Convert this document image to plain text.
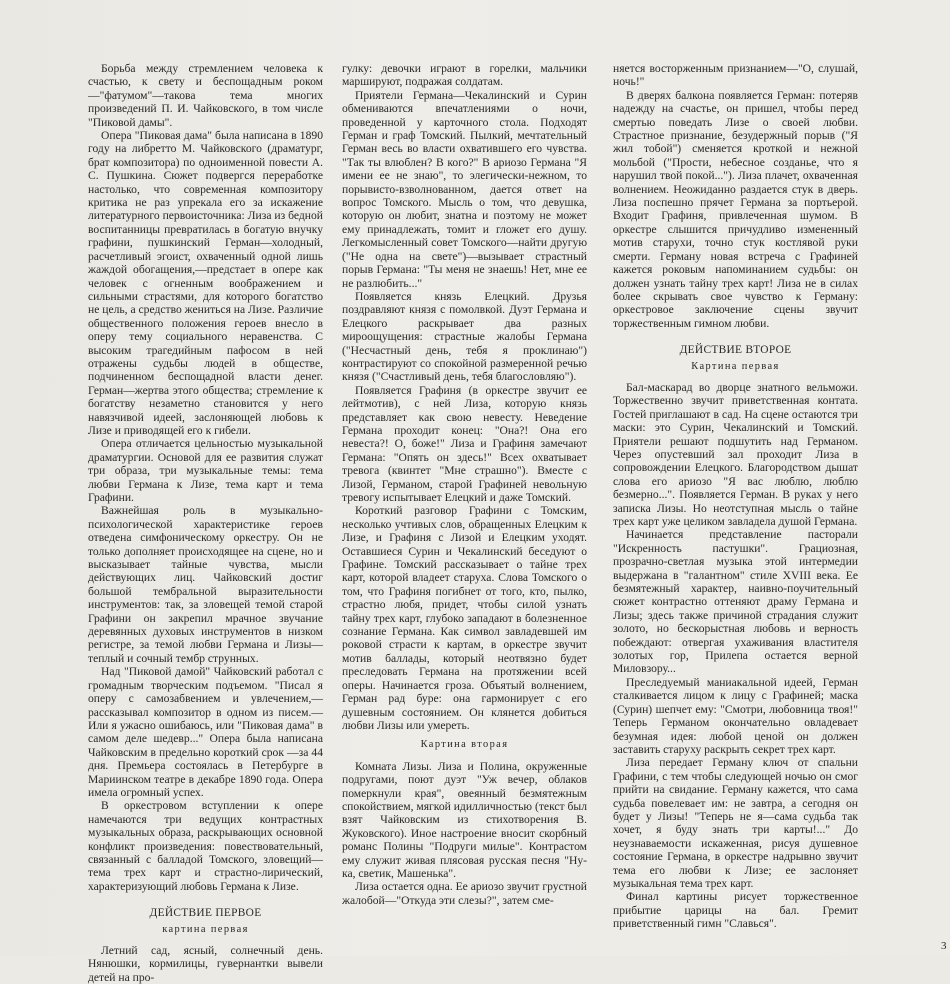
Борьба между стремлением человека к счастью, к свету и беспощадным роком—"фатумом"—такова тема многих произведений П. И. Чайковского, в том числе "Пиковой дамы".

Опера "Пиковая дама" была написана в 1890 году на либретто М. Чайковского (драматург, брат композитора) по одноименной повести А. С. Пушкина. Сюжет подвергся переработке настолько, что современная композитору критика не раз упрекала его за искажение литературного первоисточника: Лиза из бедной воспитанницы превратилась в богатую внучку графини, пушкинский Герман—холодный, расчетливый эгоист, охваченный одной лишь жаждой обогащения,—предстает в опере как человек с огненным воображением и сильными страстями, для которого богатство не цель, а средство жениться на Лизе. Различие общественного положения героев внесло в оперу тему социального неравенства. С высоким трагедийным пафосом в ней отражены судьбы людей в обществе, подчиненном беспощадной власти денег. Герман—жертва этого общества; стремление к богатству незаметно становится у него навязчивой идеей, заслоняющей любовь к Лизе и приводящей его к гибели.

Опера отличается цельностью музыкальной драматургии. Основой для ее развития служат три образа, три музыкальные темы: тема любви Германа к Лизе, тема карт и тема Графини.

Важнейшая роль в музыкально-психологической характеристике героев отведена симфоническому оркестру. Он не только дополняет происходящее на сцене, но и высказывает тайные чувства, мысли действующих лиц. Чайковский достиг большой тембральной выразительности инструментов: так, за зловещей темой старой Графини он закрепил мрачное звучание деревянных духовых инструментов в низком регистре, за темой любви Германа и Лизы—теплый и сочный тембр струнных.

Над "Пиковой дамой" Чайковский работал с громадным творческим подъемом. "Писал я оперу с самозабвением и увлечением,—рассказывал композитор в одном из писем.—Или я ужасно ошибаюсь, или "Пиковая дама" в самом деле шедевр..." Опера была написана Чайковским в предельно короткий срок —за 44 дня. Премьера состоялась в Петербурге в Мариинском театре в декабре 1890 года. Опера имела огромный успех.

В оркестровом вступлении к опере намечаются три ведущих контрастных музыкальных образа, раскрывающих основной конфликт произведения: повествовательный, связанный с балладой Томского, зловещий—тема трех карт и страстно-лирический, характеризующий любовь Германа к Лизе.

ДЕЙСТВИЕ ПЕРВОЕ
картина первая

Летний сад, ясный, солнечный день. Нянюшки, кормилицы, гувернантки вывели детей на про-

гулку: девочки играют в горелки, мальчики маршируют, подражая солдатам.

Приятели Германа—Чекалинский и Сурин обмениваются впечатлениями о ночи, проведенной у карточного стола. Подходят Герман и граф Томский. Пылкий, мечтательный Герман весь во власти охватившего его чувства. "Так ты влюблен? В кого?" В ариозо Германа "Я имени ее не знаю", то элегически-нежном, то порывисто-взволнованном, дается ответ на вопрос Томского. Мысль о том, что девушка, которую он любит, знатна и поэтому не может ему принадлежать, томит и гложет его душу. Легкомысленный совет Томского—найти другую ("Не одна на свете")—вызывает страстный порыв Германа: "Ты меня не знаешь! Нет, мне ее не разлюбить..."

Появляется князь Елецкий. Друзья поздравляют князя с помолвкой. Дуэт Германа и Елецкого раскрывает два разных мироощущения: страстные жалобы Германа ("Несчастный день, тебя я проклинаю") контрастируют со спокойной размеренной речью князя ("Счастливый день, тебя благословляю").

Появляется Графиня (в оркестре звучит ее лейтмотив), с ней Лиза, которую князь представляет как свою невесту. Неведение Германа проходит конец: "Она?! Она его невеста?! О, боже!" Лиза и Графиня замечают Германа: "Опять он здесь!" Всех охватывает тревога (квинтет "Мне страшно"). Вместе с Лизой, Германом, старой Графиней невольную тревогу испытывает Елецкий и даже Томский.

Короткий разговор Графини с Томским, несколько учтивых слов, обращенных Елецким к Лизе, и Графиня с Лизой и Елецким уходят. Оставшиеся Сурин и Чекалинский беседуют о Графине. Томский рассказывает о тайне трех карт, которой владеет старуха. Слова Томского о том, что Графиня погибнет от того, кто, пылко, страстно любя, придет, чтобы силой узнать тайну трех карт, глубоко западают в болезненное сознание Германа. Как символ завладевшей им роковой страсти к картам, в оркестре звучит мотив баллады, который неотвязно будет преследовать Германа на протяжении всей оперы. Начинается гроза. Объятый волнением, Герман рад буре: она гармонирует с его душевным состоянием. Он клянется добиться любви Лизы или умереть.

Картина вторая

Комната Лизы. Лиза и Полина, окруженные подругами, поют дуэт "Уж вечер, облаков померкнули края", овеянный безмятежным спокойствием, мягкой идилличностью (текст был взят Чайковским из стихотворения В. Жуковского). Иное настроение вносит скорбный романс Полины "Подруги милые". Контрастом ему служит живая плясовая русская песня "Ну-ка, светик, Машенька".

Лиза остается одна. Ее ариозо звучит грустной жалобой—"Откуда эти слезы?", затем сме-

няется восторженным признанием—"О, слушай, ночь!"

В дверях балкона появляется Герман: потеряв надежду на счастье, он пришел, чтобы перед смертью поведать Лизе о своей любви. Страстное признание, безудержный порыв ("Я жил тобой") сменяется кроткой и нежной мольбой ("Прости, небесное созданье, что я нарушил твой покой..."). Лиза плачет, охваченная волнением. Неожиданно раздается стук в дверь. Лиза поспешно прячет Германа за портьерой. Входит Графиня, привлеченная шумом. В оркестре слышится причудливо измененный мотив старухи, точно стук костлявой руки смерти. Герману новая встреча с Графиней кажется роковым напоминанием судьбы: он должен узнать тайну трех карт! Лиза не в силах более скрывать свое чувство к Герману: оркестровое заключение сцены звучит торжественным гимном любви.

ДЕЙСТВИЕ ВТОРОЕ
Картина первая

Бал-маскарад во дворце знатного вельможи. Торжественно звучит приветственная контата. Гостей приглашают в сад. На сцене остаются три маски: это Сурин, Чекалинский и Томский. Приятели решают подшутить над Германом. Через опустевший зал проходит Лиза в сопровождении Елецкого. Благородством дышат слова его ариозо "Я вас люблю, люблю безмерно...". Появляется Герман. В руках у него записка Лизы. Но неотступная мысль о тайне трех карт уже целиком завладела душой Германа.

Начинается представление пасторали "Искренность пастушки". Грациозная, прозрачно-светлая музыка этой интермедии выдержана в "галантном" стиле XVIII века. Ее безмятежный характер, наивно-поучительный сюжет контрастно оттеняют драму Германа и Лизы; здесь также причиной страдания служит золото, но бескорыстная любовь и верность побеждают: отвергая ухаживания властителя золотых гор, Прилепа остается верной Миловзору...

Преследуемый маниакальной идеей, Герман сталкивается лицом к лицу с Графиней; маска (Сурин) шепчет ему: "Смотри, любовница твоя!" Теперь Германом окончательно овладевает безумная идея: любой ценой он должен заставить старуху раскрыть секрет трех карт.

Лиза передает Герману ключ от спальни Графини, с тем чтобы следующей ночью он смог прийти на свидание. Герману кажется, что сама судьба повелевает им: не завтра, а сегодня он будет у Лизы! "Теперь не я—сама судьба так хочет, я буду знать три карты!..." До неузнаваемости искаженная, рисуя душевное состояние Германа, в оркестре надрывно звучит тема его любви к Лизе; ее заслоняет музыкальная тема трех карт.

Финал картины рисует торжественное прибытие царицы на бал. Гремит приветственный гимн "Славься".

3
